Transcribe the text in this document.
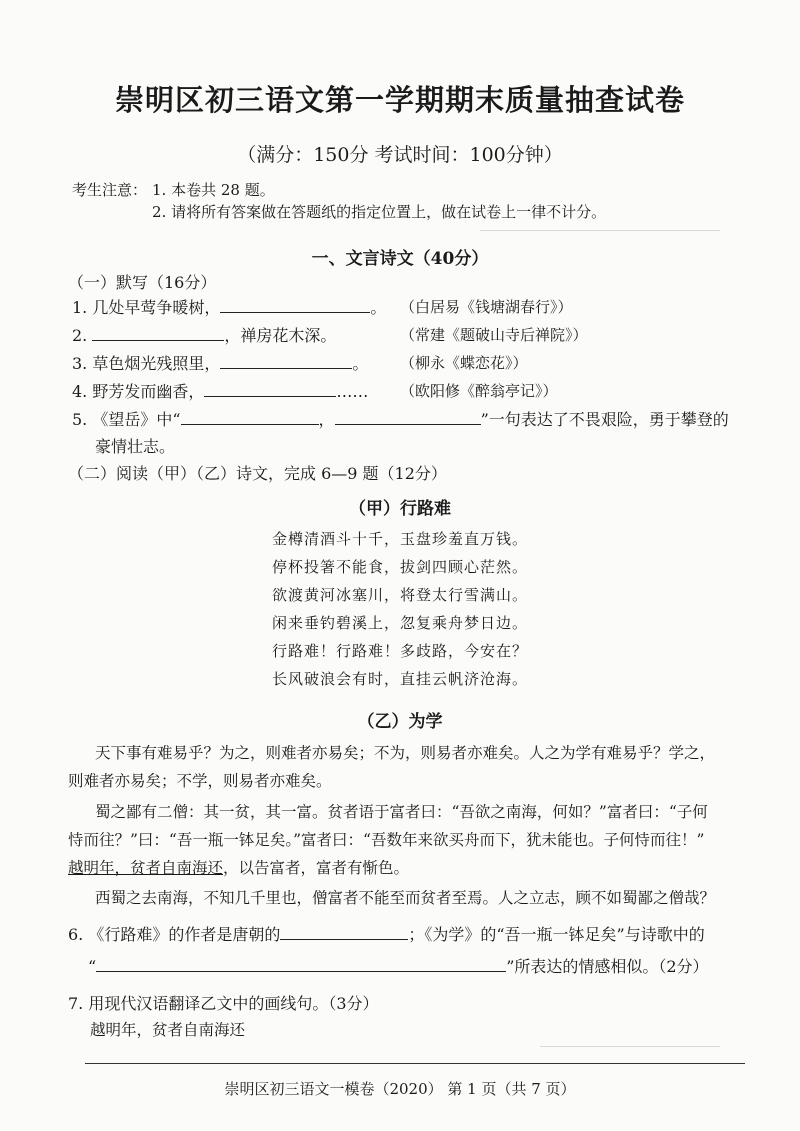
崇明区初三语文第一学期期末质量抽查试卷
（满分：150分 考试时间：100分钟）
考生注意： 1. 本卷共 28 题。
2. 请将所有答案做在答题纸的指定位置上，做在试卷上一律不计分。
一、文言诗文（40分）
（一）默写（16分）
1. 几处早莺争暖树，	。 （白居易《钱塘湖春行》）
2.	，禅房花木深。	（常建《题破山寺后禅院》）
3. 草色烟光残照里，	。 （柳永《蝶恋花》）
4. 野芳发而幽香，	…… （欧阳修《醉翁亭记》）
5. 《望岳》中“	，	”一句表达了不畏艰险，勇于攀登的
豪情壮志。
（二）阅读（甲）（乙）诗文，完成 6—9 题（12分）
（甲）行路难
金樽清酒斗十千，玉盘珍羞直万钱。
停杯投箸不能食，拔剑四顾心茫然。
欲渡黄河冰塞川，将登太行雪满山。
闲来垂钓碧溪上，忽复乘舟梦日边。
行路难！行路难！多歧路，今安在？
长风破浪会有时，直挂云帆济沧海。
（乙）为学
天下事有难易乎？为之，则难者亦易矣；不为，则易者亦难矣。人之为学有难易乎？学之，
则难者亦易矣；不学，则易者亦难矣。
蜀之鄙有二僧：其一贫，其一富。贫者语于富者曰：“吾欲之南海，何如？”富者曰：“子何
恃而往？”曰：“吾一瓶一钵足矣。”富者曰：“吾数年来欲买舟而下，犹未能也。子何恃而往！”
越明年，贫者自南海还，以告富者，富者有惭色。
西蜀之去南海，不知几千里也，僧富者不能至而贫者至焉。人之立志，顾不如蜀鄙之僧哉？
6. 《行路难》的作者是唐朝的	；《为学》的“吾一瓶一钵足矣”与诗歌中的
“	”所表达的情感相似。（2分）
7. 用现代汉语翻译乙文中的画线句。（3分）
越明年，贫者自南海还
崇明区初三语文一模卷（2020） 第 1 页（共 7 页）
